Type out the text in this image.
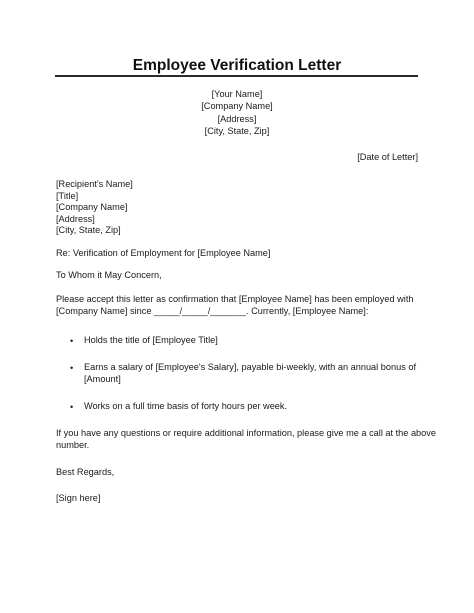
Employee Verification Letter
[Your Name]
[Company Name]
[Address]
[City, State, Zip]
[Date of Letter]
[Recipient's Name]
[Title]
[Company Name]
[Address]
[City, State, Zip]
Re: Verification of Employment for [Employee Name]
To Whom it May Concern,
Please accept this letter as confirmation that [Employee Name] has been employed with
[Company Name] since _____/_____/_______. Currently, [Employee Name]:
• Holds the title of [Employee Title]
• Earns a salary of [Employee's Salary], payable bi-weekly, with an annual bonus of
[Amount]
• Works on a full time basis of forty hours per week.
If you have any questions or require additional information, please give me a call at the above
number.
Best Regards,
[Sign here]
